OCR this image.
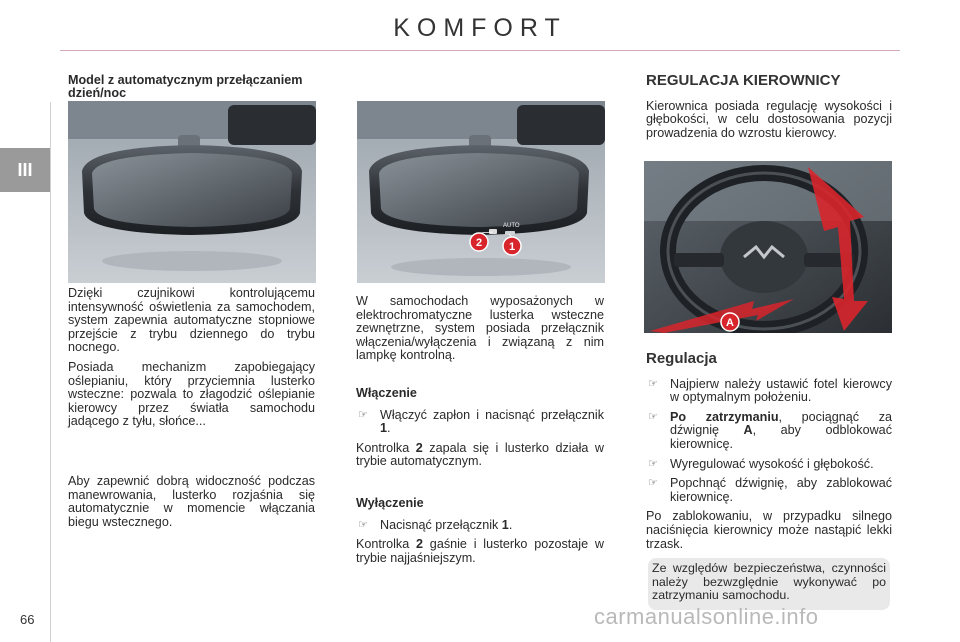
KOMFORT
III
Model z automatycznym przełączaniem dzień/noc
AUTO
2 1
A

Dzięki czujnikowi kontrolującemu intensywność oświetlenia za samochodem, system zapewnia automatyczne stopniowe przejście z trybu dziennego do trybu nocnego.

Posiada mechanizm zapobiegający oślepianiu, który przyciemnia lusterko wsteczne: pozwala to złagodzić oślepianie kierowcy przez światła samochodu jadącego z tyłu, słońce...

Aby zapewnić dobrą widoczność podczas manewrowania, lusterko rozjaśnia się automatycznie w momencie włączania biegu wstecznego.

W samochodach wyposażonych w elektrochromatyczne lusterka wsteczne zewnętrzne, system posiada przełącznik włączenia/wyłączenia i związaną z nim lampkę kontrolną.

Włączenie
☞ Włączyć zapłon i nacisnąć przełącznik 1.

Kontrolka 2 zapala się i lusterko działa w trybie automatycznym.

Wyłączenie
☞ Nacisnąć przełącznik 1.

Kontrolka 2 gaśnie i lusterko pozostaje w trybie najjaśniejszym.

REGULACJA KIEROWNICY

Kierownica posiada regulację wysokości i głębokości, w celu dostosowania pozycji prowadzenia do wzrostu kierowcy.

Regulacja
☞ Najpierw należy ustawić fotel kierowcy w optymalnym położeniu.
☞ Po zatrzymaniu, pociągnąć za dźwignię A, aby odblokować kierownicę.
☞ Wyregulować wysokość i głębokość.
☞ Popchnąć dźwignię, aby zablokować kierownicę.

Po zablokowaniu, w przypadku silnego naciśnięcia kierownicy może nastąpić lekki trzask.

Ze względów bezpieczeństwa, czynności należy bezwzględnie wykonywać po zatrzymaniu samochodu.
66	carmanualsonline.info
